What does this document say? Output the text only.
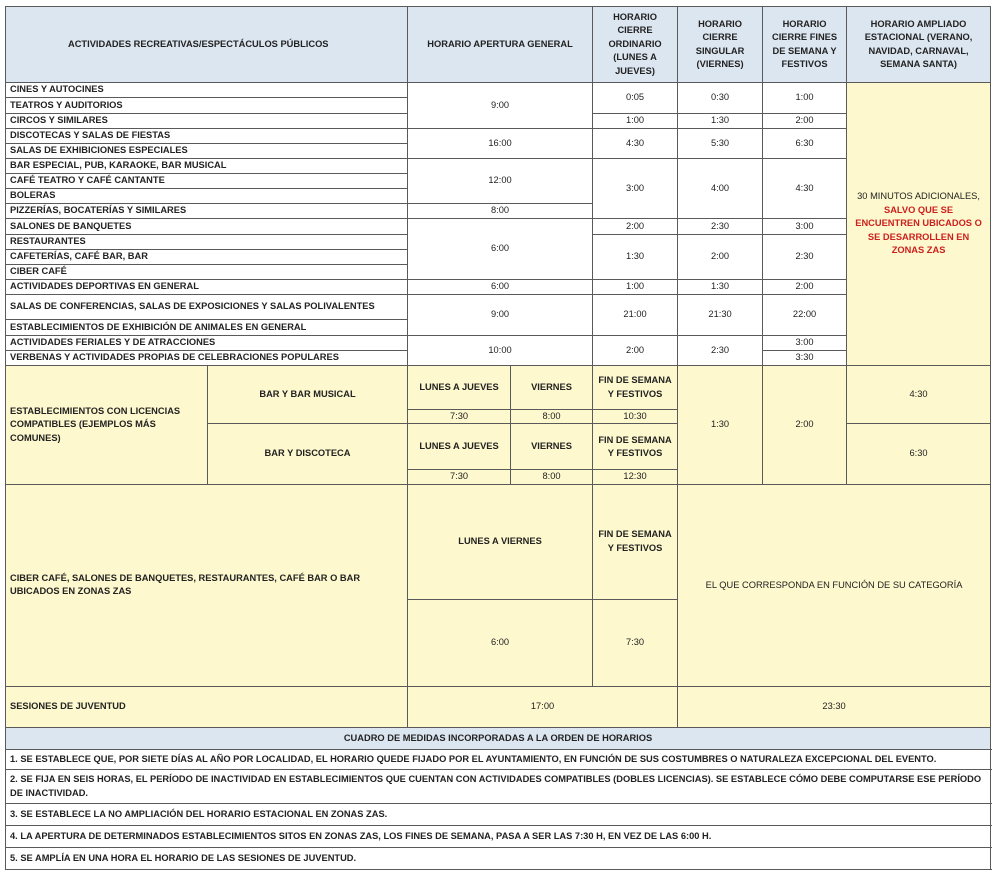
ACTIVIDADES RECREATIVAS/ESPECTÁCULOS PÚBLICOS		HORARIO APERTURA GENERAL		HORARIO CIERRE ORDINARIO (LUNES A JUEVES)	HORARIO CIERRE SINGULAR (VIERNES)	HORARIO CIERRE FINES DE SEMANA Y FESTIVOS	HORARIO AMPLIADO ESTACIONAL (VERANO, NAVIDAD, CARNAVAL, SEMANA SANTA)	
CINES Y AUTOCINES		9:00		0:05	0:30	1:00	30 MINUTOS ADICIONALES, SALVO QUE SE ENCUENTREN UBICADOS O SE DESARROLLEN EN ZONAS ZAS	
TEATROS Y AUDITORIOS								
CIRCOS Y SIMILARES				1:00	1:30	2:00		
DISCOTECAS Y SALAS DE FIESTAS		16:00		4:30	5:30	6:30		
SALAS DE EXHIBICIONES ESPECIALES								
BAR ESPECIAL, PUB, KARAOKE, BAR MUSICAL		12:00		3:00	4:00	4:30		
CAFÉ TEATRO Y CAFÉ CANTANTE								
BOLERAS								
PIZZERÍAS, BOCATERÍAS Y SIMILARES		8:00						
SALONES DE BANQUETES		6:00		2:00	2:30	3:00		
RESTAURANTES				1:30	2:00	2:30		
CAFETERÍAS, CAFÉ BAR, BAR								
CIBER CAFÉ								
ACTIVIDADES DEPORTIVAS EN GENERAL		6:00		1:00	1:30	2:00		
SALAS DE CONFERENCIAS, SALAS DE EXPOSICIONES Y SALAS POLIVALENTES		9:00		21:00	21:30	22:00		
ESTABLECIMIENTOS DE EXHIBICIÓN DE ANIMALES EN GENERAL								
ACTIVIDADES FERIALES Y DE ATRACCIONES		10:00		2:00	2:30	3:00		
VERBENAS Y ACTIVIDADES PROPIAS DE CELEBRACIONES POPULARES						3:30		
ESTABLECIMIENTOS CON LICENCIAS COMPATIBLES (EJEMPLOS MÁS COMUNES)	BAR Y BAR MUSICAL	LUNES A JUEVES	VIERNES	FIN DE SEMANA Y FESTIVOS	1:30	2:00	4:30	
		7:30	8:00	10:30				

	BAR Y DISCOTECA	LUNES A JUEVES	VIERNES	FIN DE SEMANA Y FESTIVOS			6:30	
		7:30	8:00	12:30				

CIBER CAFÉ, SALONES DE BANQUETES, RESTAURANTES, CAFÉ BAR O BAR UBICADOS EN ZONAS ZAS		LUNES A VIERNES		FIN DE SEMANA Y FESTIVOS	EL QUE CORRESPONDA EN FUNCIÓN DE SU CATEGORÍA	
		6:00		7:30				
SESIONES DE JUVENTUD		17:00			23:30	
CUADRO DE MEDIDAS INCORPORADAS A LA ORDEN DE HORARIOS								
1. SE ESTABLECE QUE, POR SIETE DÍAS AL AÑO POR LOCALIDAD, EL HORARIO QUEDE FIJADO POR EL AYUNTAMIENTO, EN FUNCIÓN DE SUS COSTUMBRES O NATURALEZA EXCEPCIONAL DEL EVENTO.								
2. SE FIJA EN SEIS HORAS, EL PERÍODO DE INACTIVIDAD EN ESTABLECIMIENTOS QUE CUENTAN CON ACTIVIDADES COMPATIBLES (DOBLES LICENCIAS). SE ESTABLECE CÓMO DEBE COMPUTARSE ESE PERÍODO DE INACTIVIDAD.								
3. SE ESTABLECE LA NO AMPLIACIÓN DEL HORARIO ESTACIONAL EN ZONAS ZAS.								
4. LA APERTURA DE DETERMINADOS ESTABLECIMIENTOS SITOS EN ZONAS ZAS, LOS FINES DE SEMANA, PASA A SER LAS 7:30 H, EN VEZ DE LAS 6:00 H.								
5. SE AMPLÍA EN UNA HORA EL HORARIO DE LAS SESIONES DE JUVENTUD.								
